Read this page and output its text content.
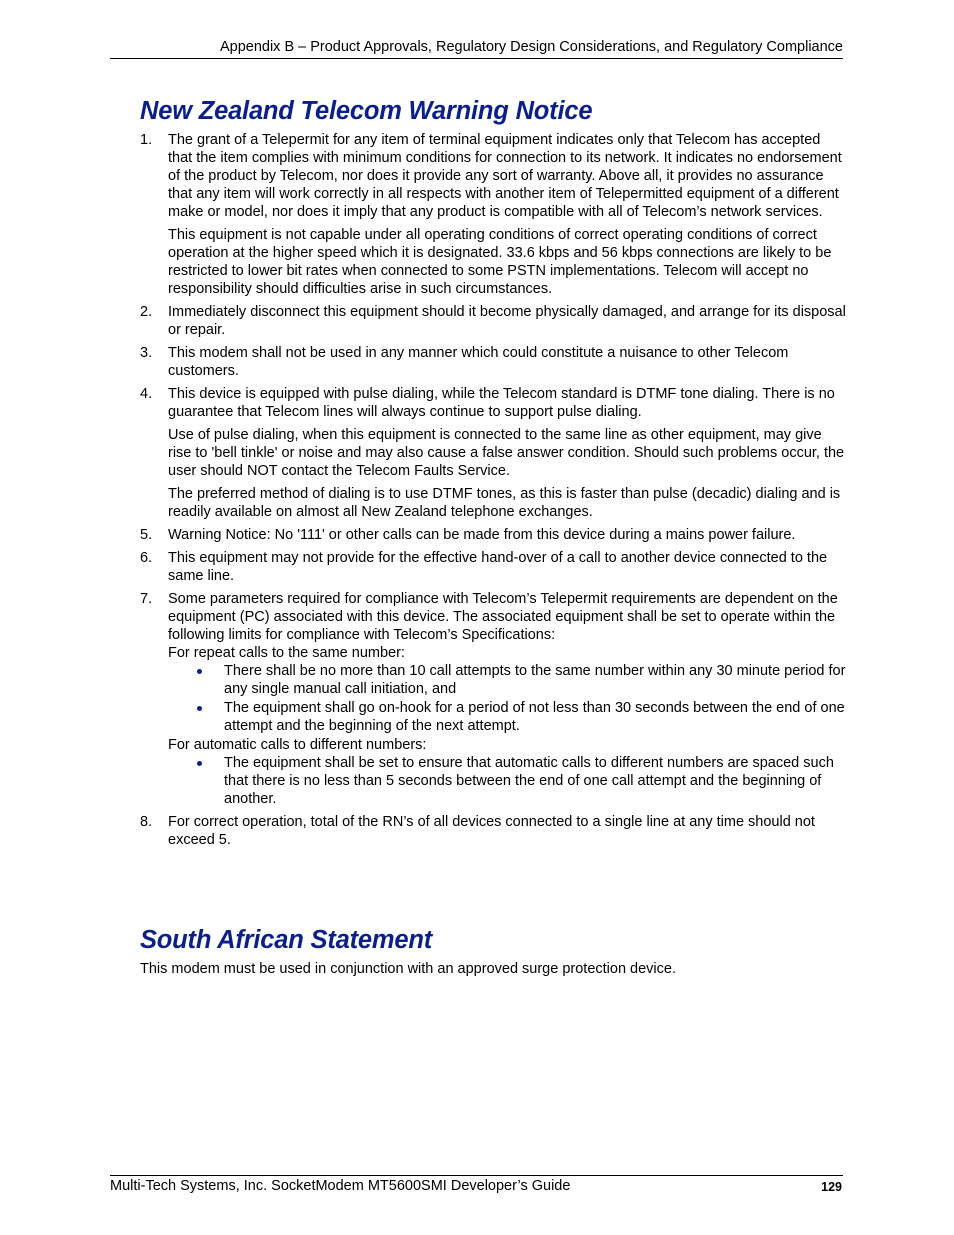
Appendix B – Product Approvals, Regulatory Design Considerations, and Regulatory Compliance
New Zealand Telecom Warning Notice
1. The grant of a Telepermit for any item of terminal equipment indicates only that Telecom has accepted that the item complies with minimum conditions for connection to its network. It indicates no endorsement of the product by Telecom, nor does it provide any sort of warranty. Above all, it provides no assurance that any item will work correctly in all respects with another item of Telepermitted equipment of a different make or model, nor does it imply that any product is compatible with all of Telecom’s network services.

This equipment is not capable under all operating conditions of correct operating conditions of correct operation at the higher speed which it is designated. 33.6 kbps and 56 kbps connections are likely to be restricted to lower bit rates when connected to some PSTN implementations. Telecom will accept no responsibility should difficulties arise in such circumstances.

2. Immediately disconnect this equipment should it become physically damaged, and arrange for its disposal or repair.

3. This modem shall not be used in any manner which could constitute a nuisance to other Telecom customers.

4. This device is equipped with pulse dialing, while the Telecom standard is DTMF tone dialing. There is no guarantee that Telecom lines will always continue to support pulse dialing.

Use of pulse dialing, when this equipment is connected to the same line as other equipment, may give rise to 'bell tinkle' or noise and may also cause a false answer condition. Should such problems occur, the user should NOT contact the Telecom Faults Service.

The preferred method of dialing is to use DTMF tones, as this is faster than pulse (decadic) dialing and is readily available on almost all New Zealand telephone exchanges.

5. Warning Notice: No '111' or other calls can be made from this device during a mains power failure.

6. This equipment may not provide for the effective hand-over of a call to another device connected to the same line.

7. Some parameters required for compliance with Telecom’s Telepermit requirements are dependent on the equipment (PC) associated with this device. The associated equipment shall be set to operate within the following limits for compliance with Telecom’s Specifications:

For repeat calls to the same number:

There shall be no more than 10 call attempts to the same number within any 30 minute period for any single manual call initiation, and
The equipment shall go on-hook for a period of not less than 30 seconds between the end of one attempt and the beginning of the next attempt.

For automatic calls to different numbers:

The equipment shall be set to ensure that automatic calls to different numbers are spaced such that there is no less than 5 seconds between the end of one call attempt and the beginning of another.
8. For correct operation, total of the RN’s of all devices connected to a single line at any time should not exceed 5.

South African Statement
This modem must be used in conjunction with an approved surge protection device.
Multi-Tech Systems, Inc. SocketModem MT5600SMI Developer’s Guide	129
